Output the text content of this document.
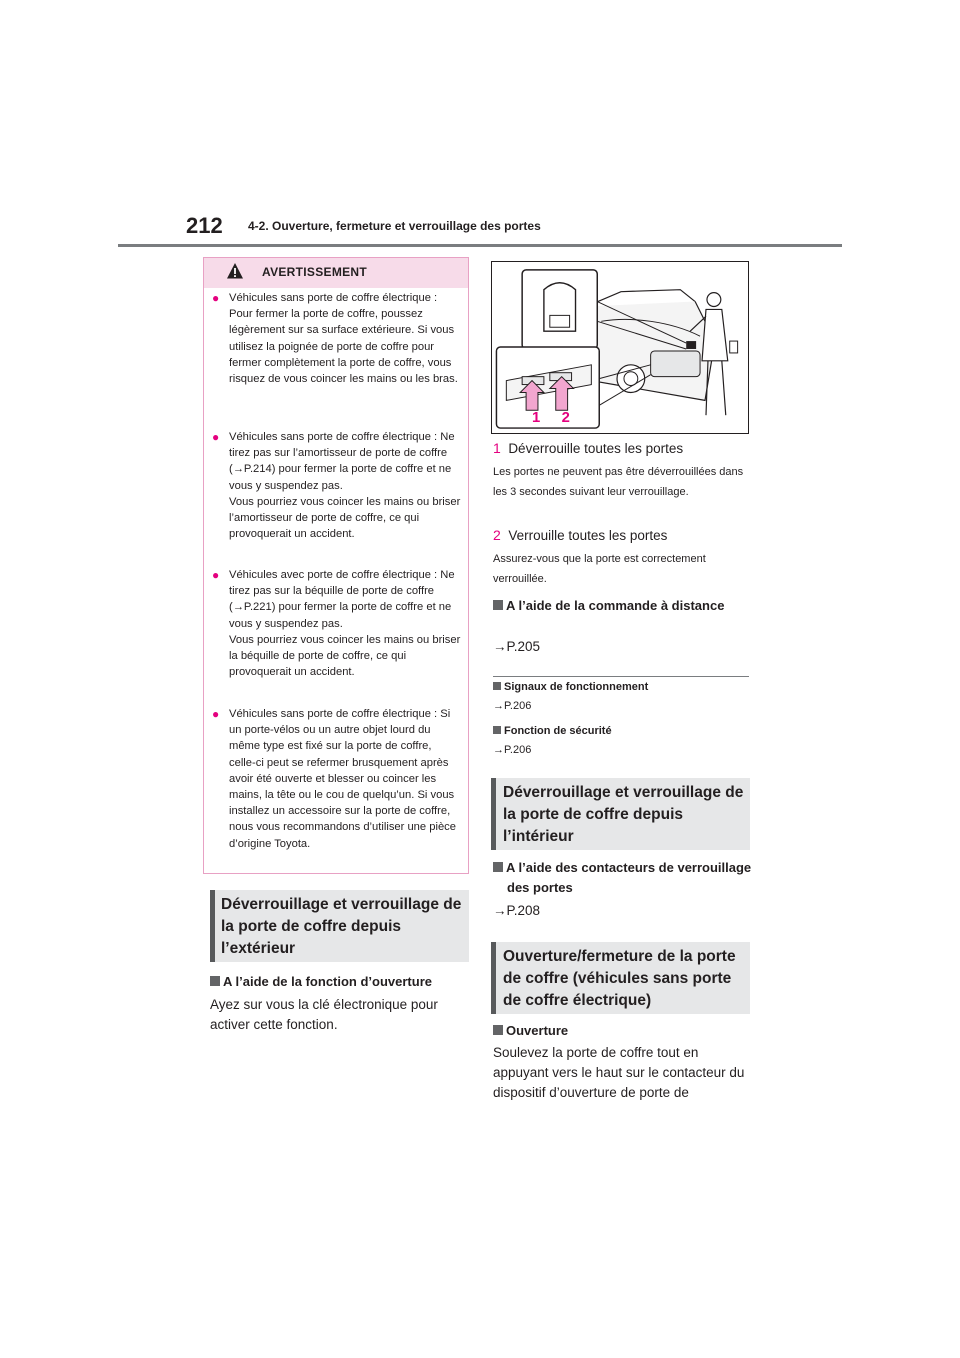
212 4-2. Ouverture, fermeture et verrouillage des portes
AVERTISSEMENT
● Véhicules sans porte de coffre électrique : Pour fermer la porte de coffre, poussez légèrement sur sa surface extérieure. Si vous utilisez la poignée de porte de coffre pour fermer complètement la porte de coffre, vous risquez de vous coincer les mains ou les bras.
● Véhicules sans porte de coffre électrique : Ne tirez pas sur l’amortisseur de porte de coffre (→P.214) pour fermer la porte de coffre et ne vous y suspendez pas.
Vous pourriez vous coincer les mains ou briser l’amortisseur de porte de coffre, ce qui provoquerait un accident.
● Véhicules avec porte de coffre électrique : Ne tirez pas sur la béquille de porte de coffre (→P.221) pour fermer la porte de coffre et ne vous y suspendez pas.
Vous pourriez vous coincer les mains ou briser la béquille de porte de coffre, ce qui provoquerait un accident.
● Véhicules sans porte de coffre électrique : Si un porte-vélos ou un autre objet lourd du même type est fixé sur la porte de coffre, celle-ci peut se refermer brusquement après avoir été ouverte et blesser ou coincer les mains, la tête ou le cou de quelqu’un. Si vous installez un accessoire sur la porte de coffre, nous vous recommandons d’utiliser une pièce d’origine Toyota.
Déverrouillage et verrouillage de la porte de coffre depuis l’extérieur
A l’aide de la fonction d’ouverture
Ayez sur vous la clé électronique pour activer cette fonction.
1 2
1 Déverrouille toutes les portes
Les portes ne peuvent pas être déverrouillées dans les 3 secondes suivant leur verrouillage.
2 Verrouille toutes les portes
Assurez-vous que la porte est correctement verrouillée.
A l’aide de la commande à distance
→P.205
Signaux de fonctionnement
→P.206
Fonction de sécurité
→P.206
Déverrouillage et verrouillage de la porte de coffre depuis l’intérieur
A l’aide des contacteurs de verrouillage des portes
→P.208
Ouverture/fermeture de la porte de coffre (véhicules sans porte de coffre électrique)
Ouverture
Soulevez la porte de coffre tout en appuyant vers le haut sur le contacteur du dispositif d’ouverture de porte de
